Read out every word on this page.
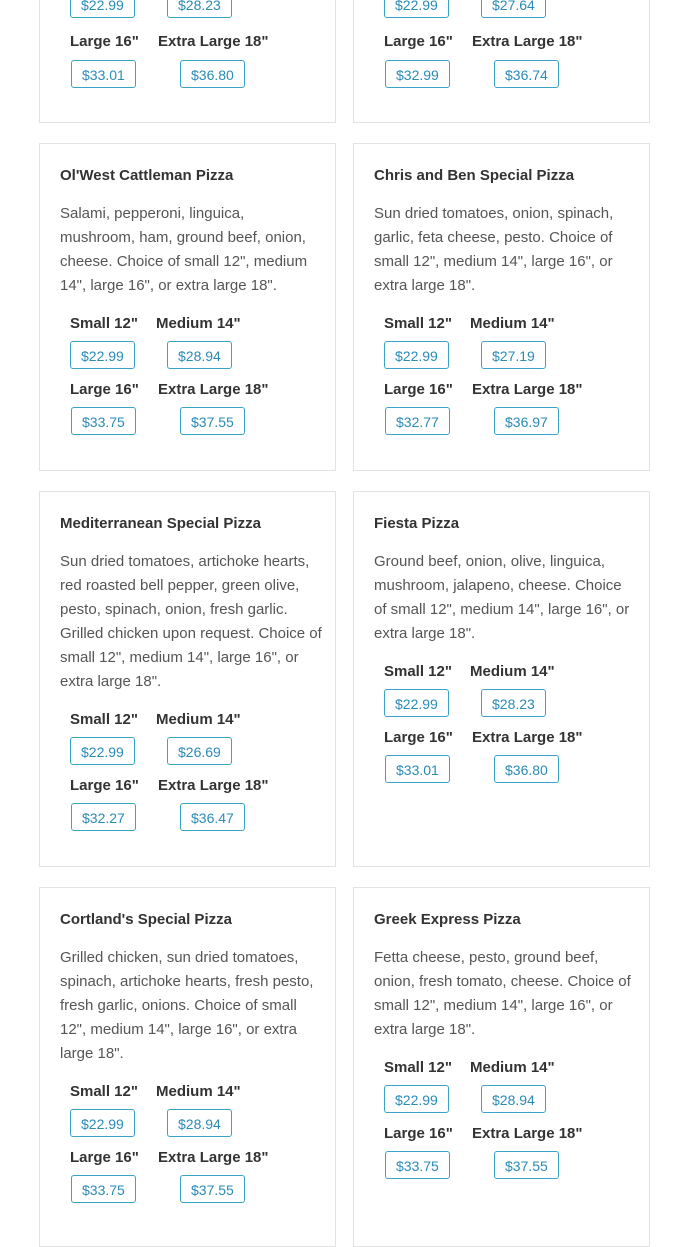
$22.99	$28.23
Large 16" Extra Large 18"
$33.01	$36.80
$22.99	$27.64
Large 16" Extra Large 18"
$32.99	$36.74
Ol'West Cattleman Pizza
Salami, pepperoni, linguica, mushroom, ham, ground beef, onion, cheese. Choice of small 12", medium 14", large 16", or extra large 18".
Small 12" Medium 14"
$22.99	$28.94
Large 16" Extra Large 18"
$33.75	$37.55
Chris and Ben Special Pizza
Sun dried tomatoes, onion, spinach, garlic, feta cheese, pesto. Choice of small 12", medium 14", large 16", or extra large 18".
Small 12" Medium 14"
$22.99	$27.19
Large 16" Extra Large 18"
$32.77	$36.97
Mediterranean Special Pizza
Sun dried tomatoes, artichoke hearts, red roasted bell pepper, green olive, pesto, spinach, onion, fresh garlic. Grilled chicken upon request. Choice of small 12", medium 14", large 16", or extra large 18".
Small 12" Medium 14"
$22.99	$26.69
Large 16" Extra Large 18"
$32.27	$36.47
Fiesta Pizza
Ground beef, onion, olive, linguica, mushroom, jalapeno, cheese. Choice of small 12", medium 14", large 16", or extra large 18".
Small 12" Medium 14"
$22.99	$28.23
Large 16" Extra Large 18"
$33.01	$36.80
Cortland's Special Pizza
Grilled chicken, sun dried tomatoes, spinach, artichoke hearts, fresh pesto, fresh garlic, onions. Choice of small 12", medium 14", large 16", or extra large 18".
Small 12" Medium 14"
$22.99	$28.94
Large 16" Extra Large 18"
$33.75	$37.55
Greek Express Pizza
Fetta cheese, pesto, ground beef, onion, fresh tomato, cheese. Choice of small 12", medium 14", large 16", or extra large 18".
Small 12" Medium 14"
$22.99	$28.94
Large 16" Extra Large 18"
$33.75	$37.55
